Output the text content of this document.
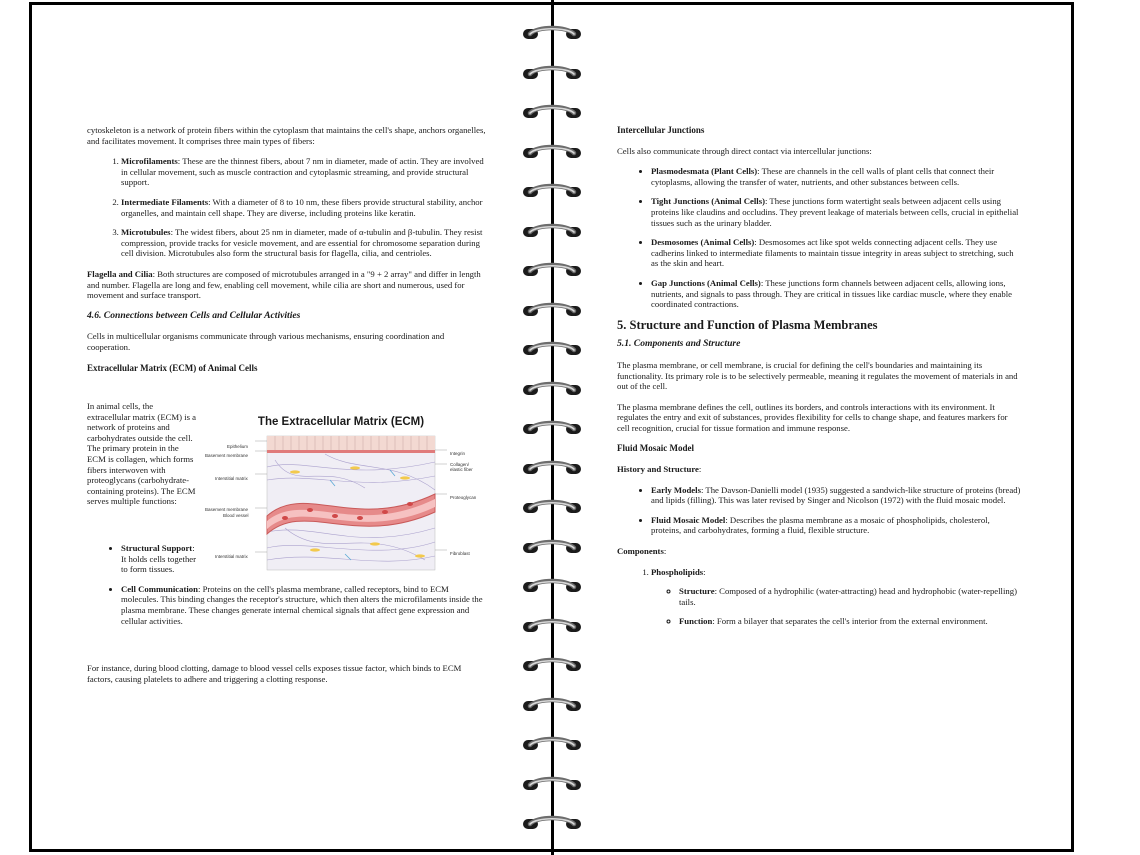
cytoskeleton is a network of protein fibers within the cytoplasm that maintains the cell's shape, anchors organelles, and facilitates movement. It comprises three main types of fibers:

1. Microfilaments: These are the thinnest fibers, about 7 nm in diameter, made of actin. They are involved in cellular movement, such as muscle contraction and cytoplasmic streaming, and provide structural support.
2. Intermediate Filaments: With a diameter of 8 to 10 nm, these fibers provide structural stability, anchor organelles, and maintain cell shape. They are diverse, including proteins like keratin.
3. Microtubules: The widest fibers, about 25 nm in diameter, made of α-tubulin and β-tubulin. They resist compression, provide tracks for vesicle movement, and are essential for chromosome separation during cell division. Microtubules also form the structural basis for flagella, cilia, and centrioles.

Flagella and Cilia: Both structures are composed of microtubules arranged in a "9 + 2 array" and differ in length and number. Flagella are long and few, enabling cell movement, while cilia are short and numerous, used for movement and surface transport.

4.6. Connections between Cells and Cellular Activities

Cells in multicellular organisms communicate through various mechanisms, ensuring coordination and cooperation.

Extracellular Matrix (ECM) of Animal Cells
In animal cells, the extracellular matrix (ECM) is a network of proteins and carbohydrates outside the cell. The primary protein in the ECM is collagen, which forms fibers interwoven with proteoglycans (carbohydrate-containing proteins). The ECM serves multiple functions:
The Extracellular Matrix (ECM)
Epithelium
Basement membrane
Interstitial matrix
Basement membrane
Blood vessel
Interstitial matrix
Integrin
Collagen/
elastic fiber
Proteoglycan
Fibroblast
• Structural Support: It holds cells together to form tissues.
• Cell Communication: Proteins on the cell's plasma membrane, called receptors, bind to ECM molecules. This binding changes the receptor's structure, which then alters the microfilaments inside the plasma membrane. These changes generate internal chemical signals that affect gene expression and cellular activities.

For instance, during blood clotting, damage to blood vessel cells exposes tissue factor, which binds to ECM factors, causing platelets to adhere and triggering a clotting response.

Intercellular Junctions

Cells also communicate through direct contact via intercellular junctions:

• Plasmodesmata (Plant Cells): These are channels in the cell walls of plant cells that connect their cytoplasms, allowing the transfer of water, nutrients, and other substances between cells.
• Tight Junctions (Animal Cells): These junctions form watertight seals between adjacent cells using proteins like claudins and occludins. They prevent leakage of materials between cells, crucial in epithelial tissues such as the urinary bladder.
• Desmosomes (Animal Cells): Desmosomes act like spot welds connecting adjacent cells. They use cadherins linked to intermediate filaments to maintain tissue integrity in areas subject to stretching, such as the skin and heart.
• Gap Junctions (Animal Cells): These junctions form channels between adjacent cells, allowing ions, nutrients, and signals to pass through. They are critical in tissues like cardiac muscle, where they enable coordinated contractions.
5. Structure and Function of Plasma Membranes
5.1. Components and Structure

The plasma membrane, or cell membrane, is crucial for defining the cell's boundaries and maintaining its functionality. Its primary role is to be selectively permeable, meaning it regulates the movement of materials in and out of the cell.

The plasma membrane defines the cell, outlines its borders, and controls interactions with its environment. It regulates the entry and exit of substances, provides flexibility for cells to change shape, and features markers for cell recognition, crucial for tissue formation and immune response.

Fluid Mosaic Model

History and Structure:

• Early Models: The Davson-Danielli model (1935) suggested a sandwich-like structure of proteins (bread) and lipids (filling). This was later revised by Singer and Nicolson (1972) with the fluid mosaic model.
• Fluid Mosaic Model: Describes the plasma membrane as a mosaic of phospholipids, cholesterol, proteins, and carbohydrates, forming a fluid, flexible structure.

Components:

1. Phospholipids:
◦ Structure: Composed of a hydrophilic (water-attracting) head and hydrophobic (water-repelling) tails.
◦ Function: Form a bilayer that separates the cell's interior from the external environment.
